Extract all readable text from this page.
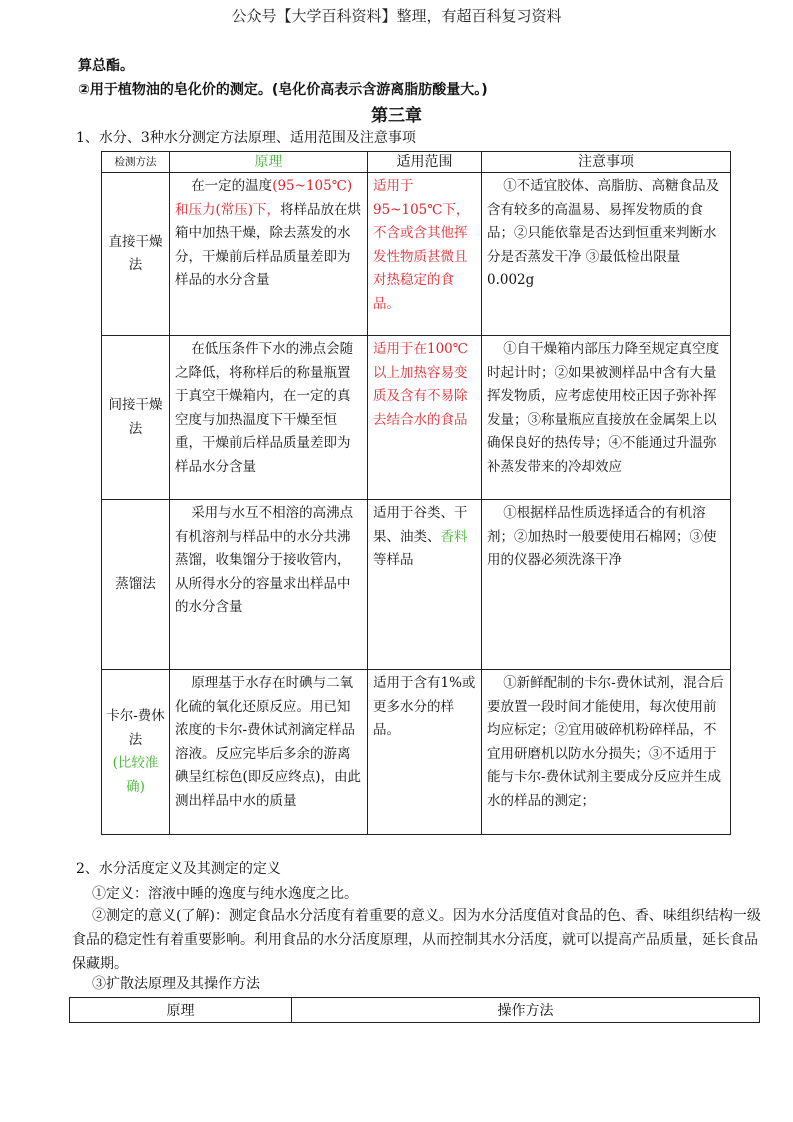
公众号【大学百科资料】整理，有超百科复习资料
算总酯。
②用于植物油的皂化价的测定。(皂化价高表示含游离脂肪酸量大。)
第三章
1、水分、3种水分测定方法原理、适用范围及注意事项
检测方法	原理	适用范围	注意事项
直接干燥法	在一定的温度(95~105℃)和压力(常压)下，将样品放在烘箱中加热干燥，除去蒸发的水分，干燥前后样品质量差即为样品的水分含量	适用于95~105℃下，不含或含其他挥发性物质甚微且对热稳定的食品。	①不适宜胶体、高脂肪、高糖食品及含有较多的高温易、易挥发物质的食品；②只能依靠是否达到恒重来判断水分是否蒸发干净 ③最低检出限量 0.002g
间接干燥法	在低压条件下水的沸点会随之降低，将称样后的称量瓶置于真空干燥箱内，在一定的真空度与加热温度下干燥至恒重，干燥前后样品质量差即为样品水分含量	适用于在100℃以上加热容易变质及含有不易除去结合水的食品	①自干燥箱内部压力降至规定真空度时起计时；②如果被测样品中含有大量挥发物质，应考虑使用校正因子弥补挥发量；③称量瓶应直接放在金属架上以确保良好的热传导；④不能通过升温弥补蒸发带来的冷却效应
蒸馏法	采用与水互不相溶的高沸点有机溶剂与样品中的水分共沸蒸馏，收集馏分于接收管内，从所得水分的容量求出样品中的水分含量	适用于谷类、干果、油类、香料等样品	①根据样品性质选择适合的有机溶剂；②加热时一般要使用石棉网；③使用的仪器必须洗涤干净

卡尔-费休法
(比较准确)	原理基于水存在时碘与二氧化硫的氧化还原反应。用已知浓度的卡尔-费休试剂滴定样品溶液。反应完毕后多余的游离碘呈红棕色(即反应终点)，由此测出样品中水的质量	适用于含有1%或更多水分的样品。	①新鲜配制的卡尔-费休试剂，混合后要放置一段时间才能使用，每次使用前均应标定；②宜用破碎机粉碎样品，不宜用研磨机以防水分损失；③不适用于能与卡尔-费休试剂主要成分反应并生成水的样品的测定；
2、水分活度定义及其测定的定义
①定义：溶液中睡的逸度与纯水逸度之比。
②测定的意义(了解)：测定食品水分活度有着重要的意义。因为水分活度值对食品的色、香、味组织结构一级食品的稳定性有着重要影响。利用食品的水分活度原理，从而控制其水分活度，就可以提高产品质量，延长食品保藏期。
③扩散法原理及其操作方法
原理	操作方法
